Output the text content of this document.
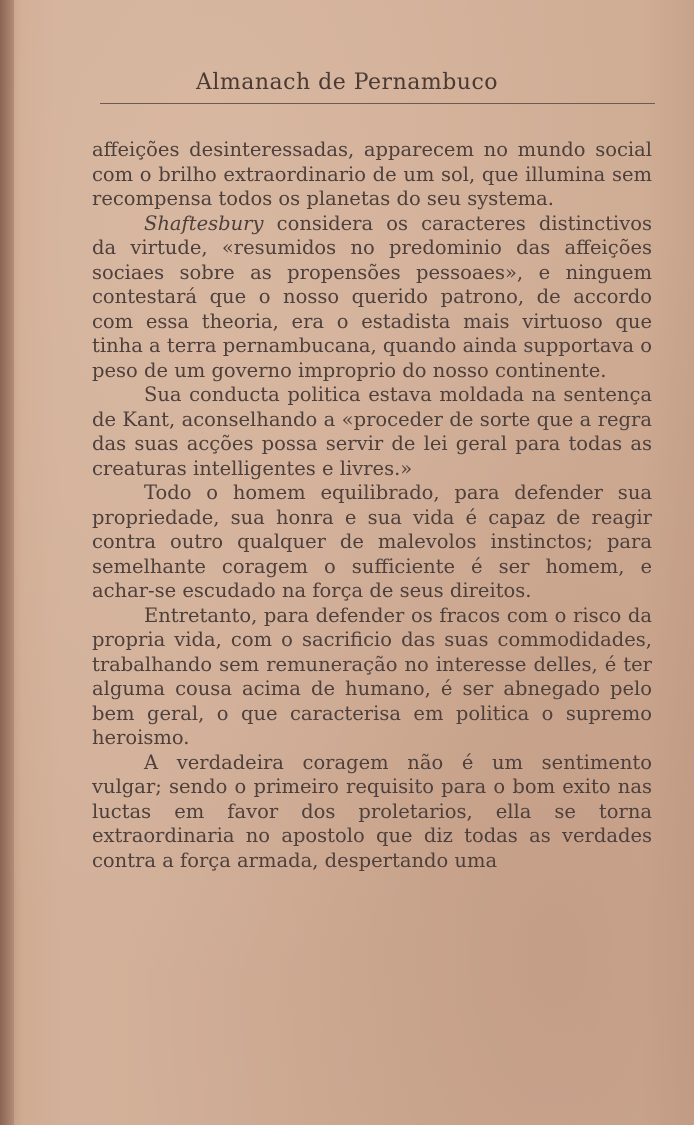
Almanach de Pernambuco

affeições desinteressadas, apparecem no mundo social com o brilho extraordinario de um sol, que illumina sem recompensa todos os planetas do seu systema.

Shaftesbury considera os caracteres distinctivos da virtude, «resumidos no predominio das affeições sociaes sobre as propensões pessoaes», e ninguem contestará que o nosso querido patrono, de accordo com essa theoria, era o estadista mais virtuoso que tinha a terra pernambucana, quando ainda supportava o peso de um governo improprio do nosso continente.

Sua conducta politica estava moldada na sentença de Kant, aconselhando a «proceder de sorte que a regra das suas acções possa servir de lei geral para todas as creaturas intelligentes e livres.»

Todo o homem equilibrado, para defender sua propriedade, sua honra e sua vida é capaz de reagir contra outro qualquer de malevolos instinctos; para semelhante coragem o sufficiente é ser homem, e achar-se escudado na força de seus direitos.

Entretanto, para defender os fracos com o risco da propria vida, com o sacrificio das suas commodidades, trabalhando sem remuneração no interesse delles, é ter alguma cousa acima de humano, é ser abnegado pelo bem geral, o que caracterisa em politica o supremo heroismo.

A verdadeira coragem não é um sentimento vulgar; sendo o primeiro requisito para o bom exito nas luctas em favor dos proletarios, ella se torna extraordinaria no apostolo que diz todas as verdades contra a força armada, despertando uma
